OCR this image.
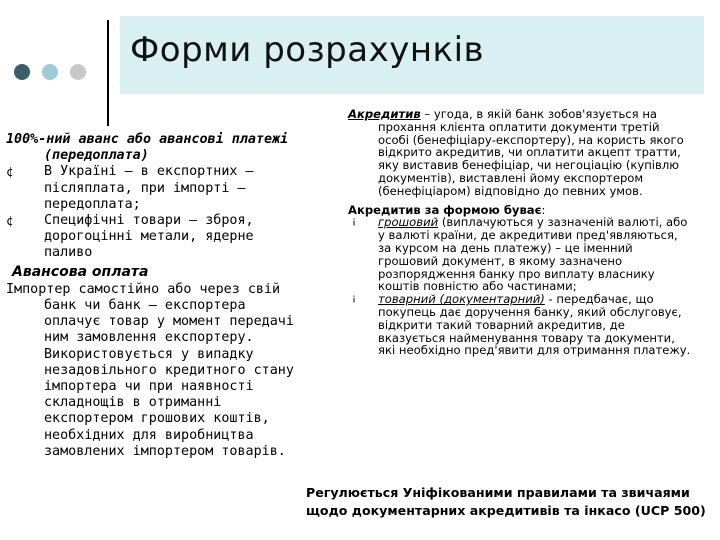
Форми розрахунків

100%-ний аванс або авансові платежі (передоплата)

¢ В Україні – в експортних – післяплата, при імпорті – передоплата;
¢ Специфічні товари – зброя, дорогоцінні метали, ядерне паливо

Авансова оплата

Імпортер самостійно або через свій банк чи банк – експортера оплачує товар у момент передачі ним замовлення експортеру. Використовується у випадку незадовільного кредитного стану імпортера чи при наявності складнощів в отриманні експортером грошових коштів, необхідних для виробництва замовлених імпортером товарів.

Акредитив – угода, в якій банк зобов'язується на прохання клієнта оплатити документи третій особі (бенефіціару-експортеру), на користь якого відкрито акредитив, чи оплатити акцепт тратти, яку виставив бенефіціар, чи негоціацію (купівлю документів), виставлені йому експортером (бенефіціаром) відповідно до певних умов.

Акредитив за формою буває:

¡ грошовий (виплачуються у зазначеній валюті, або у валюті країни, де акредитиви пред'являються, за курсом на день платежу) – це іменний грошовий документ, в якому зазначено розпорядження банку про виплату власнику коштів повністю або частинами;
¡ товарний (документарний) - передбачає, що покупець дає доручення банку, який обслуговує, відкрити такий товарний акредитив, де вказується найменування товару та документи, які необхідно пред'явити для отримання платежу.
Регулюється Уніфікованими правилами та звичаями щодо документарних акредитивів та інкасо (UCP 500)
